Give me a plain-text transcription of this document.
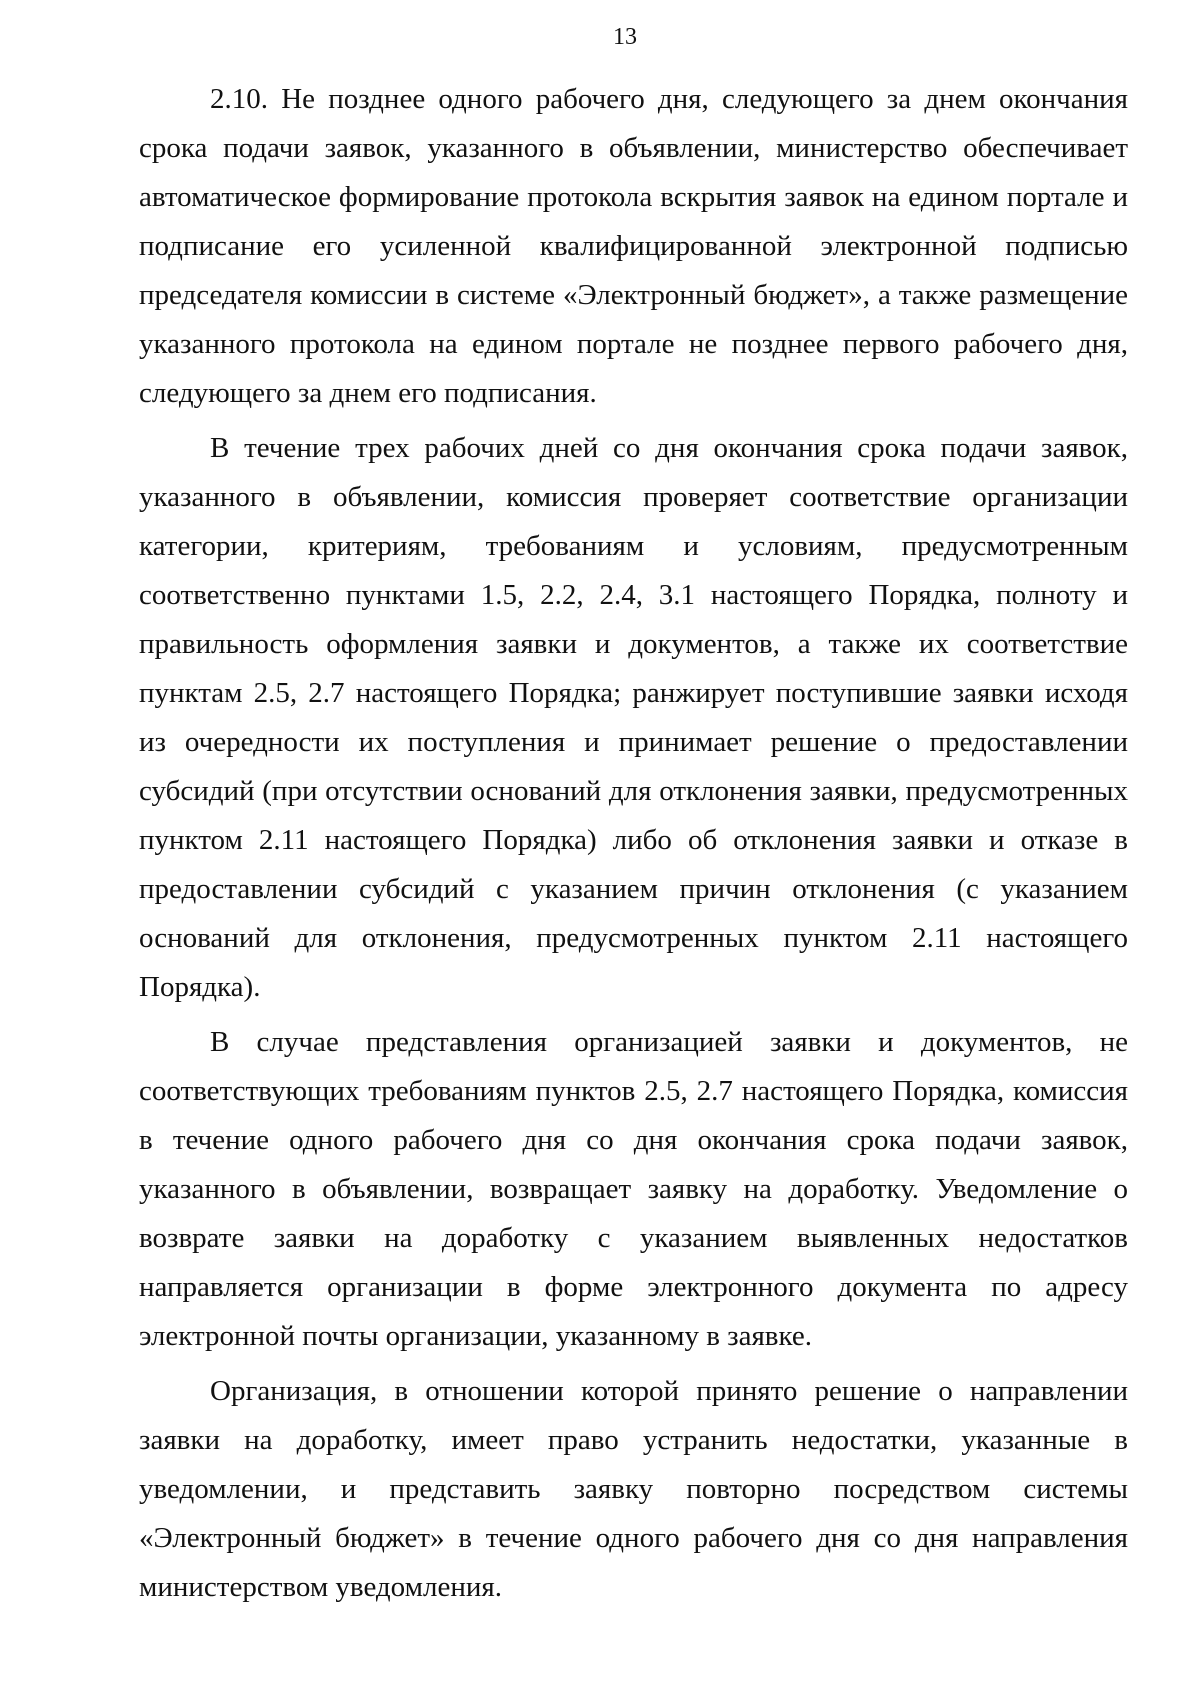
13

2.10. Не позднее одного рабочего дня, следующего за днем окончания срока подачи заявок, указанного в объявлении, министерство обеспечивает автоматическое формирование протокола вскрытия заявок на едином портале и подписание его усиленной квалифицированной электронной подписью председателя комиссии в системе «Электронный бюджет», а также размещение указанного протокола на едином портале не позднее первого рабочего дня, следующего за днем его подписания.

В течение трех рабочих дней со дня окончания срока подачи заявок, указанного в объявлении, комиссия проверяет соответствие организации категории, критериям, требованиям и условиям, предусмотренным соответственно пунктами 1.5, 2.2, 2.4, 3.1 настоящего Порядка, полноту и правильность оформления заявки и документов, а также их соответствие пунктам 2.5, 2.7 настоящего Порядка; ранжирует поступившие заявки исходя из очередности их поступления и принимает решение о предоставлении субсидий (при отсутствии оснований для отклонения заявки, предусмотренных пунктом 2.11 настоящего Порядка) либо об отклонения заявки и отказе в предоставлении субсидий с указанием причин отклонения (с указанием оснований для отклонения, предусмотренных пунктом 2.11 настоящего Порядка).

В случае представления организацией заявки и документов, не соответствующих требованиям пунктов 2.5, 2.7 настоящего Порядка, комиссия в течение одного рабочего дня со дня окончания срока подачи заявок, указанного в объявлении, возвращает заявку на доработку. Уведомление о возврате заявки на доработку с указанием выявленных недостатков направляется организации в форме электронного документа по адресу электронной почты организации, указанному в заявке.

Организация, в отношении которой принято решение о направлении заявки на доработку, имеет право устранить недостатки, указанные в уведомлении, и представить заявку повторно посредством системы «Электронный бюджет» в течение одного рабочего дня со дня направления министерством уведомления.
